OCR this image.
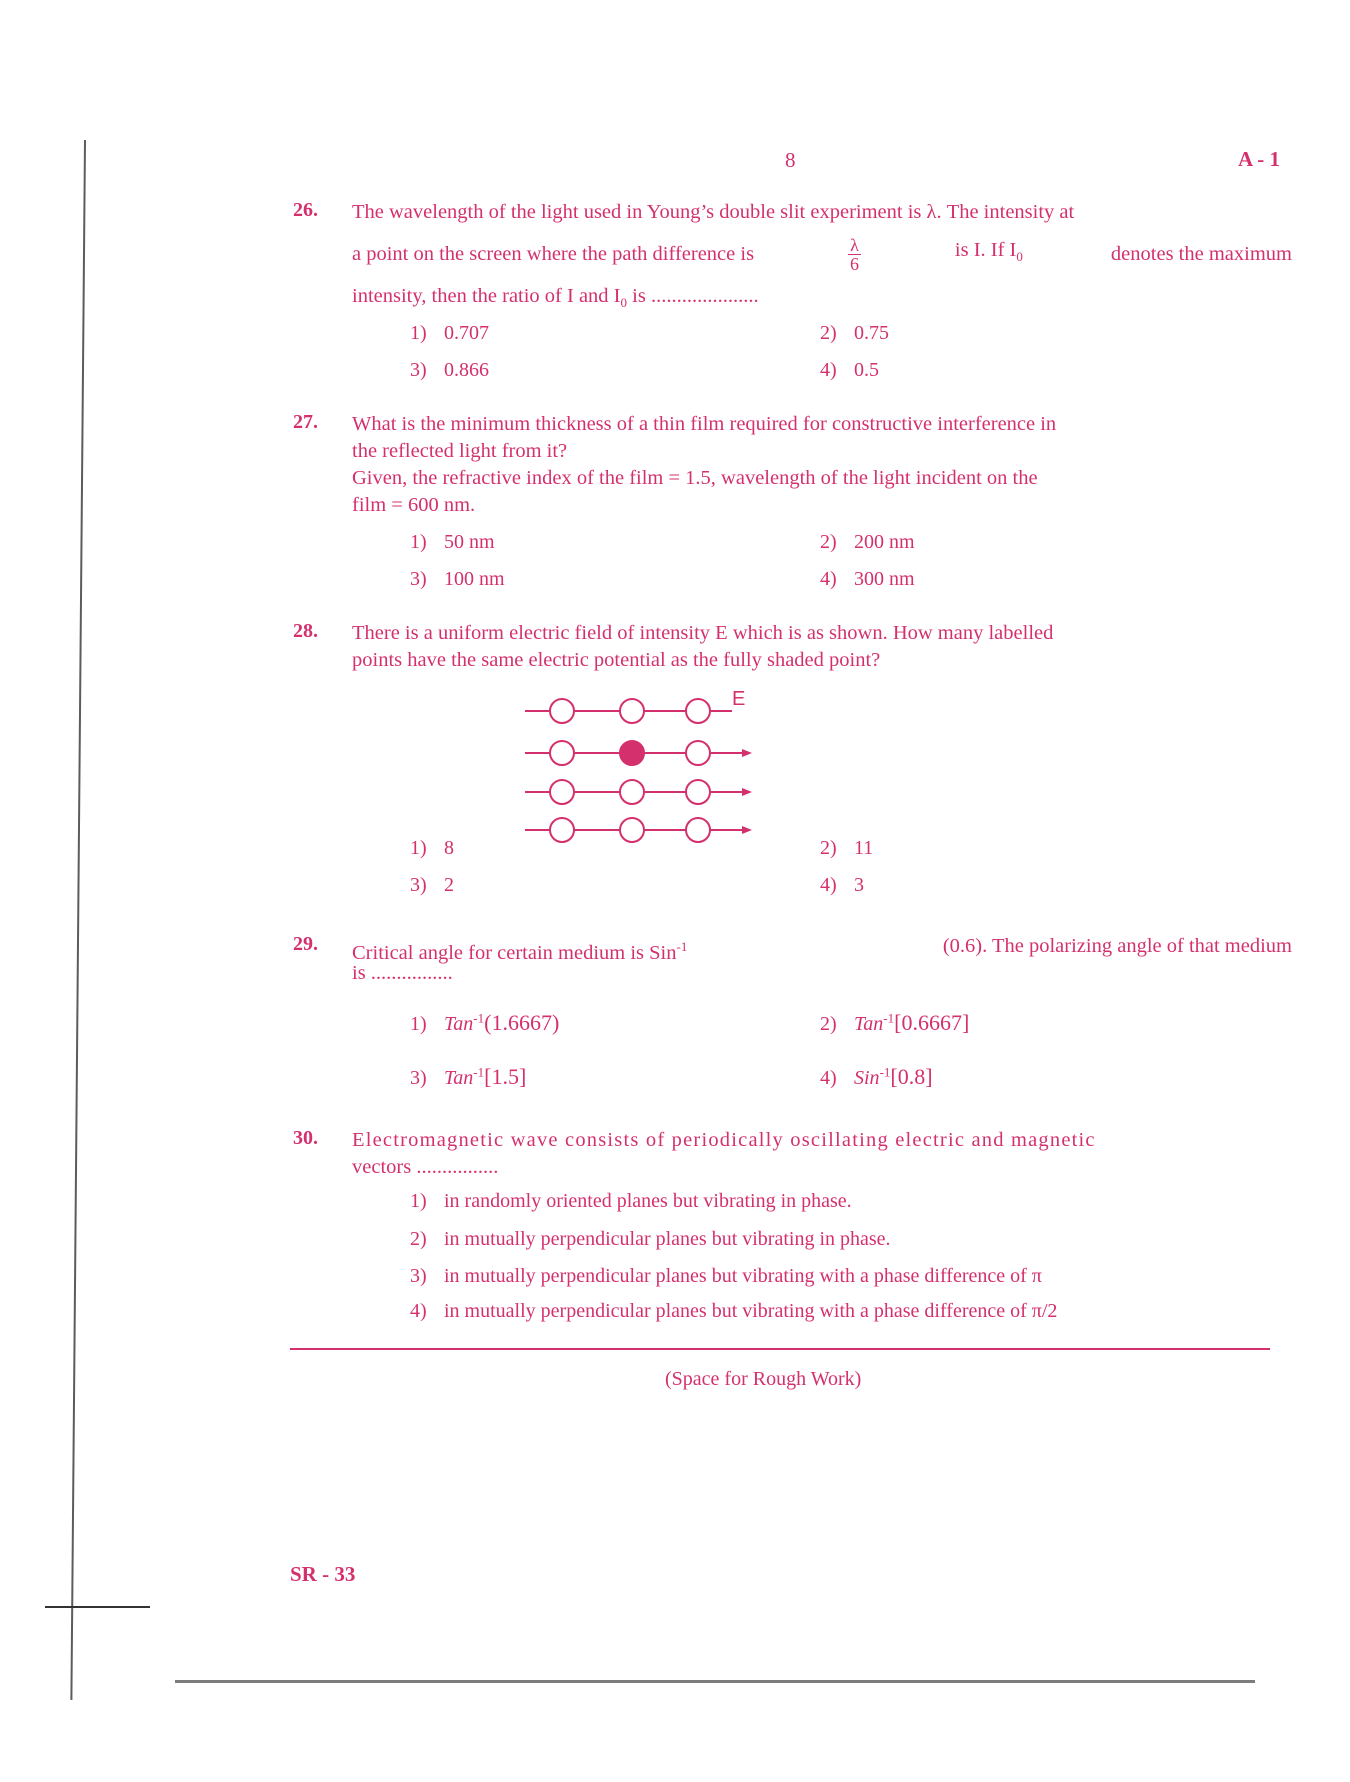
8	A - 1
26.	The wavelength of the light used in Young’s double slit experiment is λ. The intensity at
a point on the screen where the path difference is	$\frac{\lambda}{6}$	is I. If $I_0$	denotes the maximum
intensity, then the ratio of I and $I_0$ is .....................
1) 0.707	2) 0.75
3) 0.866	4) 0.5
27.	What is the minimum thickness of a thin film required for constructive interference in
the reflected light from it?
Given, the refractive index of the film = 1.5, wavelength of the light incident on the
film = 600 nm.
1) 50 nm	2) 200 nm
3) 100 nm	4) 300 nm
28.	There is a uniform electric field of intensity E which is as shown. How many labelled
points have the same electric potential as the fully shaded point?
E
1) 8	2) 11
3) 2	4) 3
29.	Critical angle for certain medium is Sin$^{-1}$	(0.6). The polarizing angle of that medium
is ................
1) Tan$^{-1}$(1.6667)	2) Tan$^{-1}$[0.6667]
3) Tan$^{-1}$[1.5]	4) Sin$^{-1}$[0.8]
30.	Electromagnetic wave consists of periodically oscillating electric and magnetic
vectors ................
1) in randomly oriented planes but vibrating in phase.
2) in mutually perpendicular planes but vibrating in phase.
3) in mutually perpendicular planes but vibrating with a phase difference of π
4) in mutually perpendicular planes but vibrating with a phase difference of π/2
(Space for Rough Work)
SR - 33
